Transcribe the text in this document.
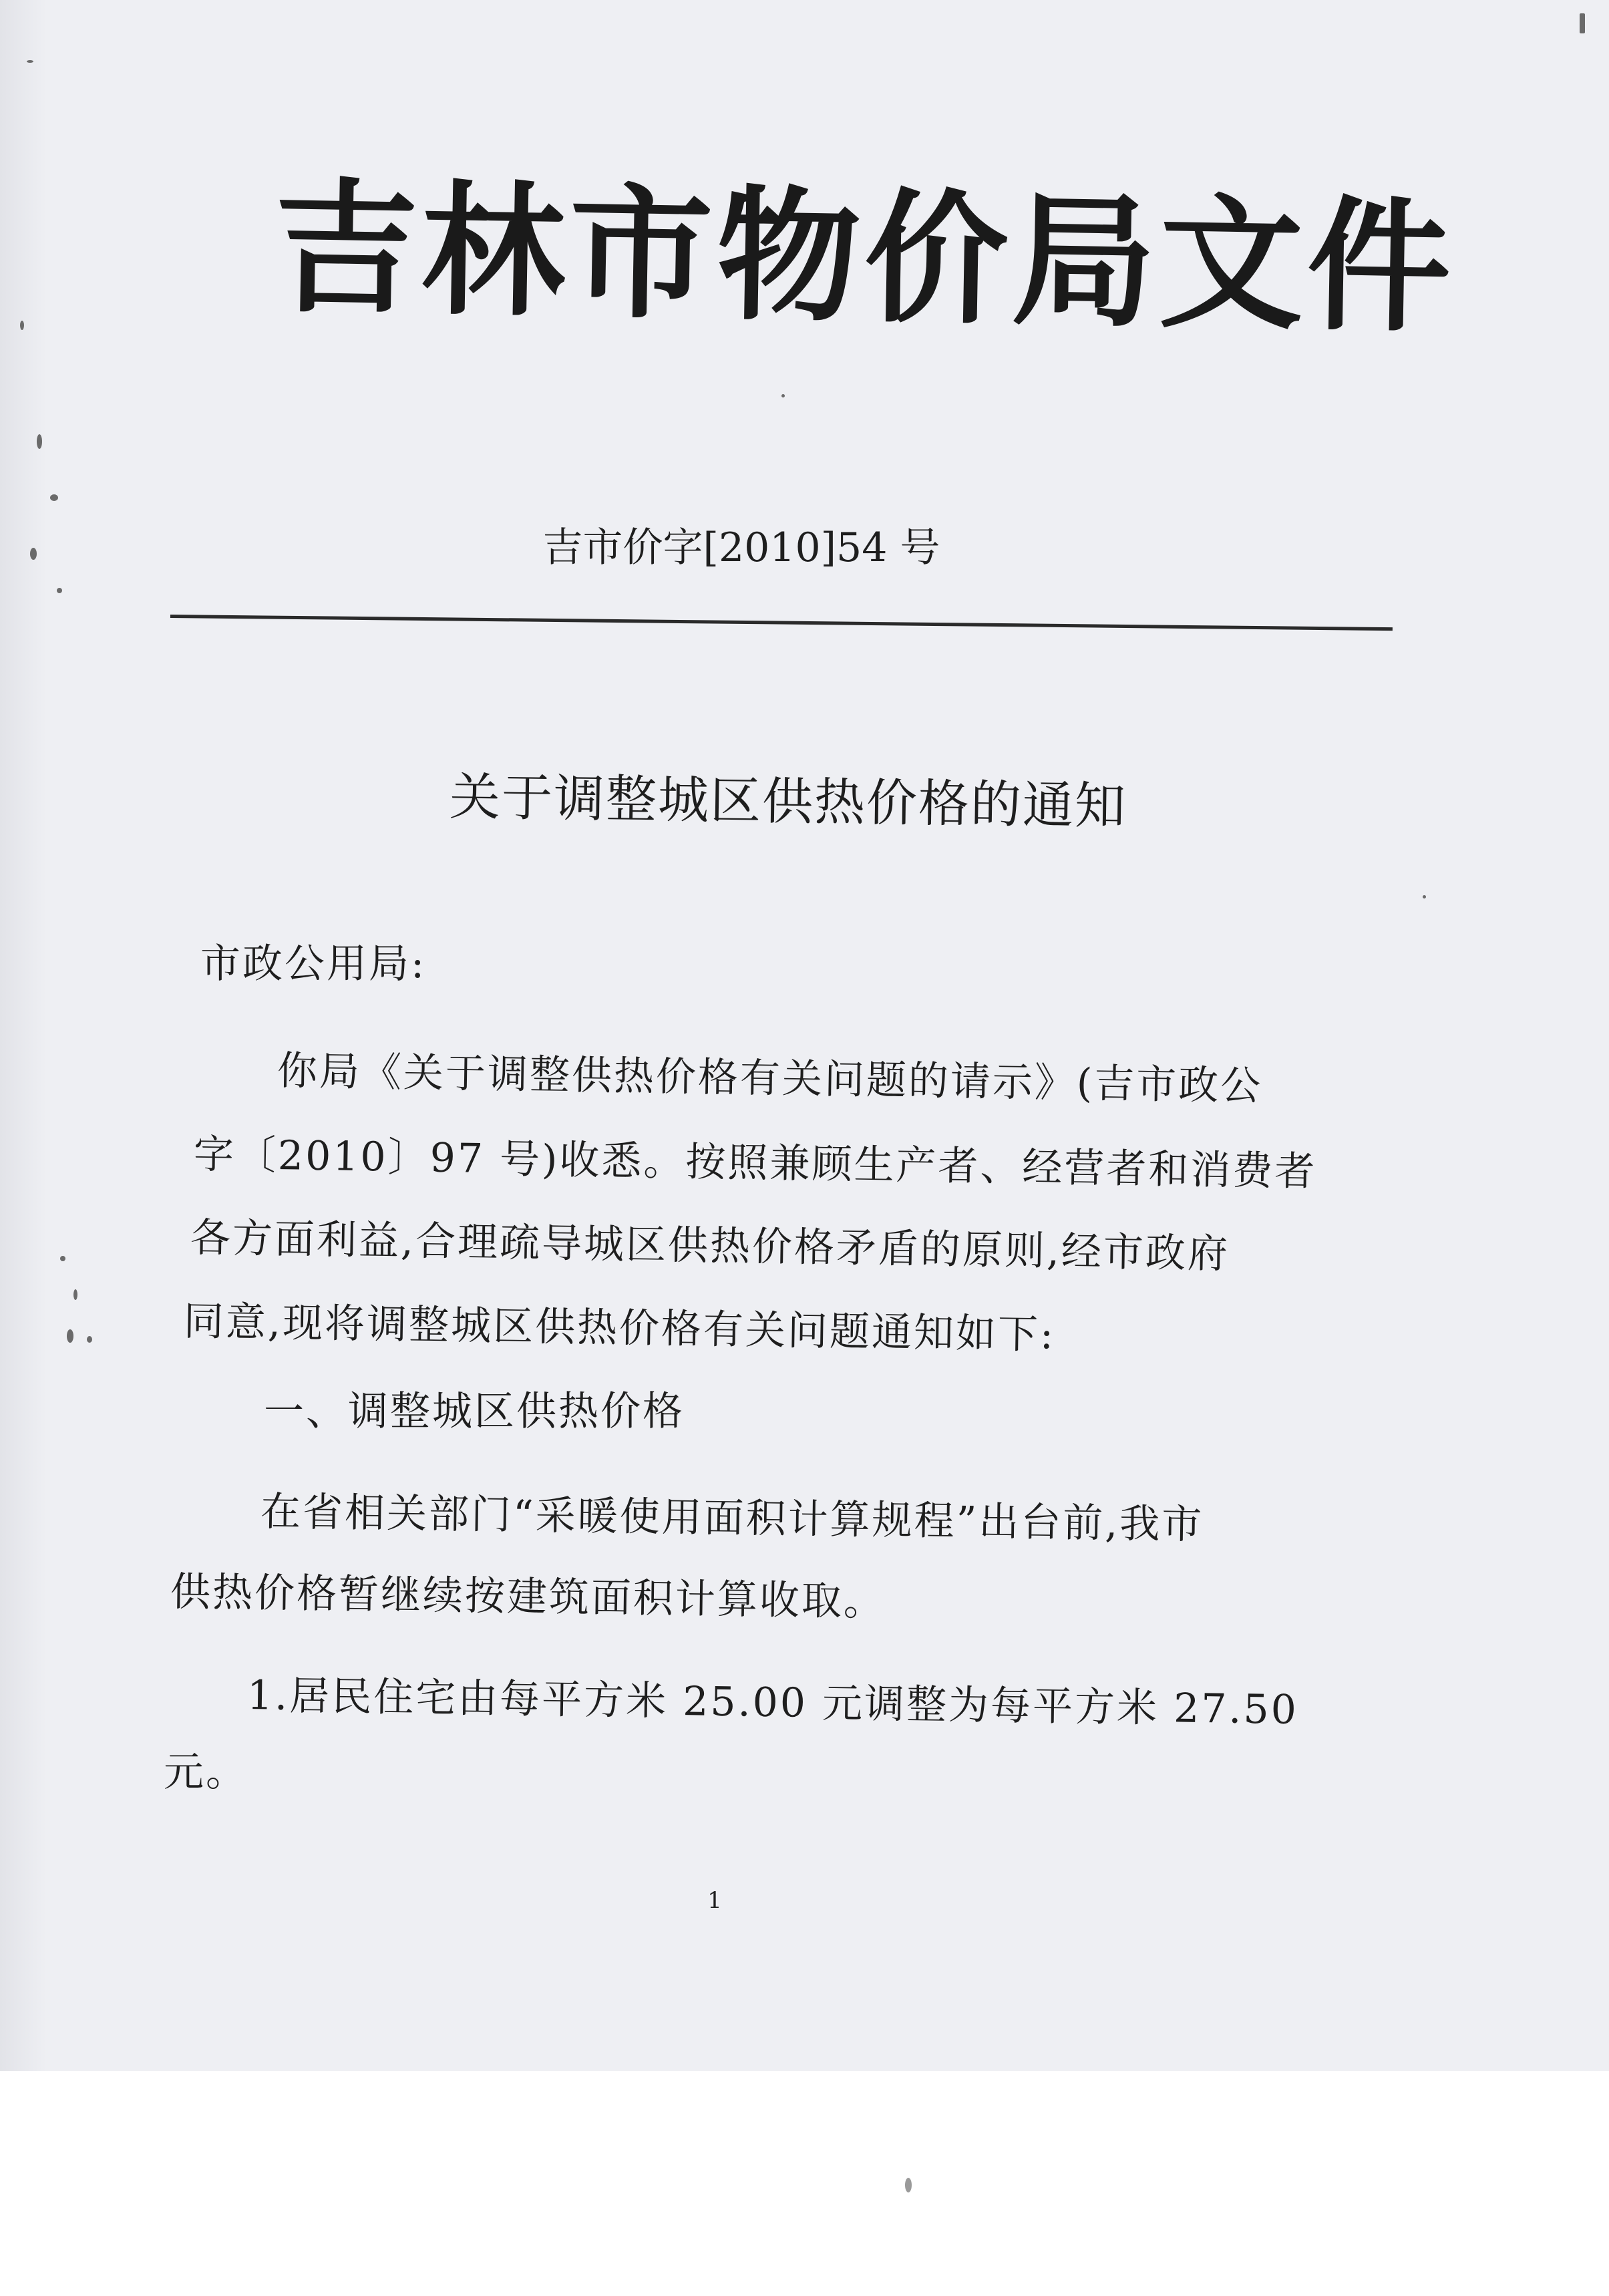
吉林市物价局文件
吉市价字[2010]54 号
关于调整城区供热价格的通知
市政公用局:
你局《关于调整供热价格有关问题的请示》(吉市政公
字〔2010〕97 号)收悉。按照兼顾生产者、经营者和消费者
各方面利益,合理疏导城区供热价格矛盾的原则,经市政府
同意,现将调整城区供热价格有关问题通知如下:
一、调整城区供热价格
在省相关部门“采暖使用面积计算规程”出台前,我市
供热价格暂继续按建筑面积计算收取。
1.居民住宅由每平方米 25.00 元调整为每平方米 27.50
元。
1
